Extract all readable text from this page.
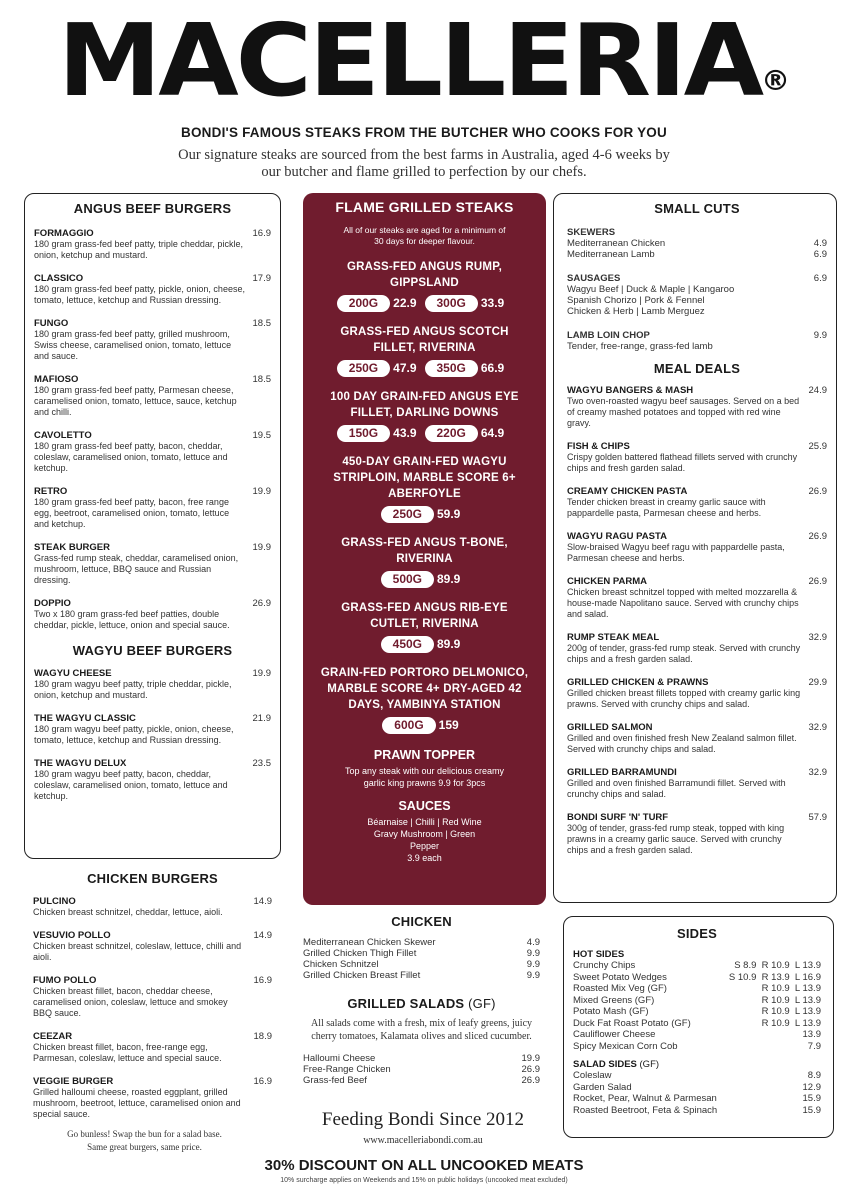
MACELLERIA®
BONDI'S FAMOUS STEAKS FROM THE BUTCHER WHO COOKS FOR YOU
Our signature steaks are sourced from the best farms in Australia, aged 4-6 weeks by our butcher and flame grilled to perfection by our chefs.
ANGUS BEEF BURGERS
FORMAGGIO
180 gram grass-fed beef patty, triple cheddar, pickle, onion, ketchup and mustard.
16.9
CLASSICO
180 gram grass-fed beef patty, pickle, onion, cheese, tomato, lettuce, ketchup and Russian dressing.
17.9
FUNGO
180 gram grass-fed beef patty, grilled mushroom, Swiss cheese, caramelised onion, tomato, lettuce and sauce.
18.5
MAFIOSO
180 gram grass-fed beef patty, Parmesan cheese, caramelised onion, tomato, lettuce, sauce, ketchup and chilli.
18.5
CAVOLETTO
180 gram grass-fed beef patty, bacon, cheddar, coleslaw, caramelised onion, tomato, lettuce and ketchup.
19.5
RETRO
180 gram grass-fed beef patty, bacon, free range egg, beetroot, caramelised onion, tomato, lettuce and ketchup.
19.9
STEAK BURGER
Grass-fed rump steak, cheddar, caramelised onion, mushroom, lettuce, BBQ sauce and Russian dressing.
19.9
DOPPIO
Two x 180 gram grass-fed beef patties, double cheddar, pickle, lettuce, onion and special sauce.
26.9
WAGYU BEEF BURGERS
WAGYU CHEESE
180 gram wagyu beef patty, triple cheddar, pickle, onion, ketchup and mustard.
19.9
THE WAGYU CLASSIC
180 gram wagyu beef patty, pickle, onion, cheese, tomato, lettuce, ketchup and Russian dressing.
21.9
THE WAGYU DELUX
180 gram wagyu beef patty, bacon, cheddar, coleslaw, caramelised onion, tomato, lettuce and ketchup.
23.5
CHICKEN BURGERS
PULCINO
Chicken breast schnitzel, cheddar, lettuce, aioli.
14.9
VESUVIO POLLO
Chicken breast schnitzel, coleslaw, lettuce, chilli and aioli.
14.9
FUMO POLLO
Chicken breast fillet, bacon, cheddar cheese, caramelised onion, coleslaw, lettuce and smokey BBQ sauce.
16.9
CEEZAR
Chicken breast fillet, bacon, free-range egg, Parmesan, coleslaw, lettuce and special sauce.
18.9
VEGGIE BURGER
Grilled halloumi cheese, roasted eggplant, grilled mushroom, beetroot, lettuce, caramelised onion and special sauce.
16.9
Go bunless! Swap the bun for a salad base. Same great burgers, same price.
FLAME GRILLED STEAKS
All of our steaks are aged for a minimum of 30 days for deeper flavour.
GRASS-FED ANGUS RUMP, GIPPSLAND
200G 22.9 300G 33.9
GRASS-FED ANGUS SCOTCH FILLET, RIVERINA
250G 47.9 350G 66.9
100 DAY GRAIN-FED ANGUS EYE FILLET, DARLING DOWNS
150G 43.9 220G 64.9
450-DAY GRAIN-FED WAGYU STRIPLOIN, MARBLE SCORE 6+ ABERFOYLE
250G 59.9
GRASS-FED ANGUS T-BONE, RIVERINA
500G 89.9
GRASS-FED ANGUS RIB-EYE CUTLET, RIVERINA
450G 89.9
GRAIN-FED PORTORO DELMONICO, MARBLE SCORE 4+ DRY-AGED 42 DAYS, YAMBINYA STATION
600G 159
PRAWN TOPPER
Top any steak with our delicious creamy garlic king prawns 9.9 for 3pcs
SAUCES
Béarnaise | Chilli | Red Wine Gravy Mushroom | Green Pepper
3.9 each
CHICKEN
Mediterranean Chicken Skewer	4.9
Grilled Chicken Thigh Fillet	9.9
Chicken Schnitzel	9.9
Grilled Chicken Breast Fillet	9.9
GRILLED SALADS (GF)
All salads come with a fresh, mix of leafy greens, juicy cherry tomatoes, Kalamata olives and sliced cucumber.
Halloumi Cheese	19.9
Free-Range Chicken	26.9
Grass-fed Beef	26.9
Feeding Bondi Since 2012
www.macelleriabondi.com.au
SMALL CUTS
SKEWERS
Mediterranean Chicken	4.9
Mediterranean Lamb	6.9
SAUSAGES	6.9
Wagyu Beef | Duck & Maple | Kangaroo
Spanish Chorizo | Pork & Fennel
Chicken & Herb | Lamb Merguez
LAMB LOIN CHOP	9.9
Tender, free-range, grass-fed lamb
MEAL DEALS
WAGYU BANGERS & MASH
Two oven-roasted wagyu beef sausages. Served on a bed of creamy mashed potatoes and topped with red wine gravy.
24.9
FISH & CHIPS
Crispy golden battered flathead fillets served with crunchy chips and fresh garden salad.
25.9
CREAMY CHICKEN PASTA
Tender chicken breast in creamy garlic sauce with pappardelle pasta, Parmesan cheese and herbs.
26.9
WAGYU RAGU PASTA
Slow-braised Wagyu beef ragu with pappardelle pasta, Parmesan cheese and herbs.
26.9
CHICKEN PARMA
Chicken breast schnitzel topped with melted mozzarella & house-made Napolitano sauce. Served with crunchy chips and salad.
26.9
RUMP STEAK MEAL
200g of tender, grass-fed rump steak. Served with crunchy chips and a fresh garden salad.
32.9
GRILLED CHICKEN & PRAWNS
Grilled chicken breast fillets topped with creamy garlic king prawns. Served with crunchy chips and salad.
29.9
GRILLED SALMON
Grilled and oven finished fresh New Zealand salmon fillet. Served with crunchy chips and salad.
32.9
GRILLED BARRAMUNDI
Grilled and oven finished Barramundi fillet. Served with crunchy chips and salad.
32.9
BONDI SURF 'N' TURF
300g of tender, grass-fed rump steak, topped with king prawns in a creamy garlic sauce. Served with crunchy chips and a fresh garden salad.
57.9
SIDES
HOT SIDES
Crunchy Chips	S 8.9  R 10.9  L 13.9
Sweet Potato Wedges	S 10.9  R 13.9  L 16.9
Roasted Mix Veg (GF)	R 10.9  L 13.9
Mixed Greens (GF)	R 10.9  L 13.9
Potato Mash (GF)	R 10.9  L 13.9
Duck Fat Roast Potato (GF)	R 10.9  L 13.9
Cauliflower Cheese	13.9
Spicy Mexican Corn Cob	7.9
SALAD SIDES (GF)
Coleslaw	8.9
Garden Salad	12.9
Rocket, Pear, Walnut & Parmesan	15.9
Roasted Beetroot, Feta & Spinach	15.9
30% DISCOUNT ON ALL UNCOOKED MEATS
10% surcharge applies on Weekends and 15% on public holidays (uncooked meat excluded)
